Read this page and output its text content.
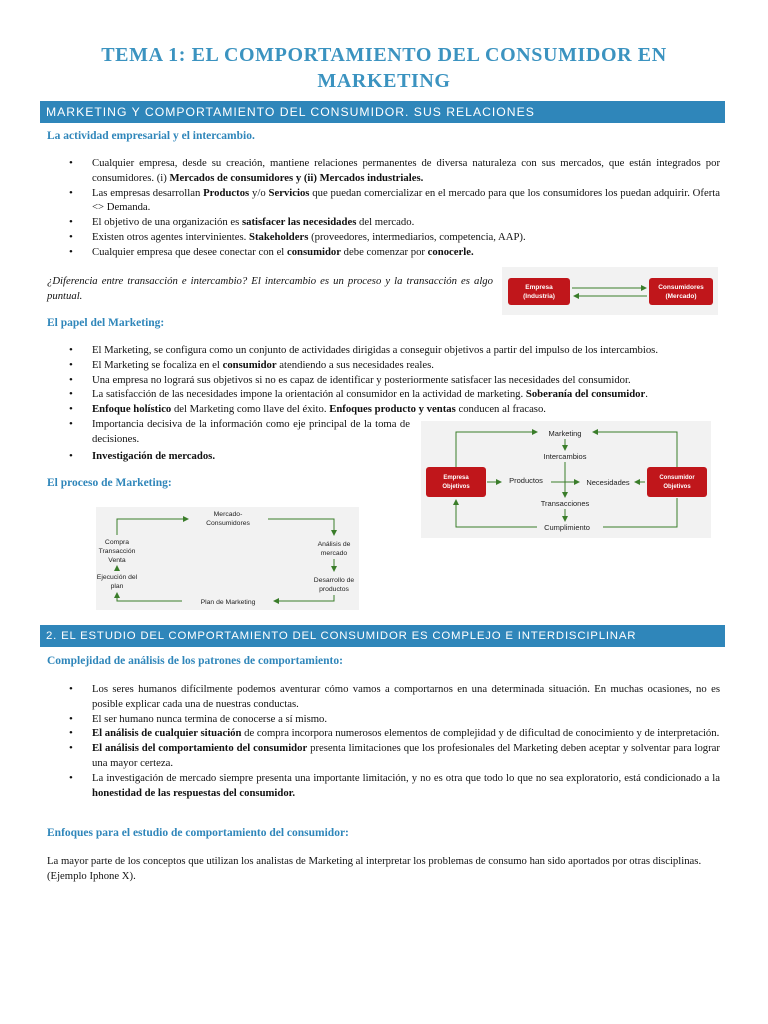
TEMA 1: EL COMPORTAMIENTO DEL CONSUMIDOR EN MARKETING
MARKETING Y COMPORTAMIENTO DEL CONSUMIDOR. SUS RELACIONES
La actividad empresarial y el intercambio.
• Cualquier empresa, desde su creación, mantiene relaciones permanentes de diversa naturaleza con sus mercados, que están integrados por consumidores. (i) Mercados de consumidores y (ii) Mercados industriales.
• Las empresas desarrollan Productos y/o Servicios que puedan comercializar en el mercado para que los consumidores los puedan adquirir. Oferta <> Demanda.
• El objetivo de una organización es satisfacer las necesidades del mercado.
• Existen otros agentes intervinientes. Stakeholders (proveedores, intermediarios, competencia, AAP).
• Cualquier empresa que desee conectar con el consumidor debe comenzar por conocerle.
¿Diferencia entre transacción e intercambio? El intercambio es un proceso y la transacción es algo puntual.
Empresa
(Industria)
Consumidores
(Mercado)
El papel del Marketing:
• El Marketing, se configura como un conjunto de actividades dirigidas a conseguir objetivos a partir del impulso de los intercambios.
• El Marketing se focaliza en el consumidor atendiendo a sus necesidades reales.
• Una empresa no logrará sus objetivos si no es capaz de identificar y posteriormente satisfacer las necesidades del consumidor.
• La satisfacción de las necesidades impone la orientación al consumidor en la actividad de marketing. Soberanía del consumidor.
• Enfoque holístico del Marketing como llave del éxito. Enfoques producto y ventas conducen al fracaso.
• Importancia decisiva de la información como eje principal de la toma de decisiones.
• Investigación de mercados.
Empresa
Objetivos
Consumidor
Objetivos
Marketing
Intercambios
Productos	Necesidades
Transacciones
Cumplimiento
El proceso de Marketing:
Mercado-
Consumidores
Análisis de
mercado
Desarrollo de
productos
Plan de Marketing
Ejecución del
plan
Compra
Transacción
Venta
2. EL ESTUDIO DEL COMPORTAMIENTO DEL CONSUMIDOR ES COMPLEJO E INTERDISCIPLINAR
Complejidad de análisis de los patrones de comportamiento:
• Los seres humanos difícilmente podemos aventurar cómo vamos a comportarnos en una determinada situación. En muchas ocasiones, no es posible explicar cada una de nuestras conductas.
• El ser humano nunca termina de conocerse a sí mismo.
• El análisis de cualquier situación de compra incorpora numerosos elementos de complejidad y de dificultad de conocimiento y de interpretación.
• El análisis del comportamiento del consumidor presenta limitaciones que los profesionales del Marketing deben aceptar y solventar para lograr una mayor certeza.
• La investigación de mercado siempre presenta una importante limitación, y no es otra que todo lo que no sea exploratorio, está condicionado a la honestidad de las respuestas del consumidor.
Enfoques para el estudio de comportamiento del consumidor:
La mayor parte de los conceptos que utilizan los analistas de Marketing al interpretar los problemas de consumo han sido aportados por otras disciplinas. (Ejemplo Iphone X).
